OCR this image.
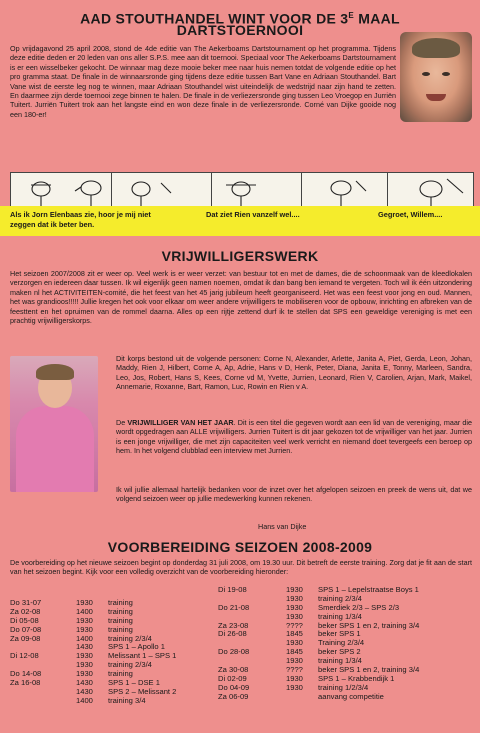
AAD STOUTHANDEL WINT VOOR DE $3^E$ MAAL
DARTSTOERNOOI
Op vrijdagavond 25 april 2008, stond de 4de editie van The Aekerboams Dartstournament op het programma. Tijdens deze editie deden er 20 leden van ons aller S.P.S. mee aan dit toernooi. Speciaal voor The Aekerboams Dartstournament is er een wisselbeker gekocht. De winnaar mag deze mooie beker mee naar huis nemen totdat de volgende editie op het pro gramma staat. De finale in de winnaarsronde ging tijdens deze editie tussen Bart Vane en Adriaan Stouthandel. Bart Vane wist de eerste leg nog te winnen, maar Adriaan Stouthandel wist uiteindelijk de wedstrijd naar zijn hand te zetten. En daarmee zijn derde toernooi zege binnen te halen. De finale in de verliezersronde ging tussen Leo Vroegop en Jurriën Tuitert. Jurriën Tuitert trok aan het langste eind en won deze finale in de verliezersronde. Corné van Dijke gooide nog een 180-er!
Als ik Jorn Elenbaas zie, hoor je mij niet zeggen dat ik beter ben.
Dat ziet Rien vanzelf wel....	Gegroet, Willem....
VRIJWILLIGERSWERK
Het seizoen 2007/2008 zit er weer op. Veel werk is er weer verzet: van bestuur tot en met de dames, die de schoonmaak van de kleedlokalen verzorgen en iedereen daar tussen. Ik wil eigenlijk geen namen noemen, omdat ik dan bang ben iemand te vergeten. Toch wil ik één uitzondering maken nl het ACTIVITEITEN-comité, die het feest van het 45 jarig jubileum heeft georganiseerd. Het was een feest voor jong en oud. Mannen, het was grandioos!!!!! Jullie kregen het ook voor elkaar om weer andere vrijwilligers te mobiliseren voor de opbouw, inrichting en afbreken van de feesttent en het opruimen van de rommel daarna. Alles op een rijtje zettend durf ik te stellen dat SPS een geweldige vereniging is met een prachtig vrijwilligerskorps.
Dit korps bestond uit de volgende personen: Corne N, Alexander, Arlette, Janita A, Piet, Gerda, Leon, Johan, Maddy, Rien J, Hilbert, Corne A, Ap, Adrie, Hans v D, Henk, Peter, Diana, Janita E, Tonny, Marleen, Sandra, Leo, Jos, Robert, Hans S, Kees, Corne vd M, Yvette, Jurrien, Leonard, Rien V, Carolien, Arjan, Mark, Maikel, Annemarie, Roxanne, Bart, Ramon, Luc, Rowin en Rien v A.
De VRIJWILLIGER VAN HET JAAR. Dit is een titel die gegeven wordt aan een lid van de vereniging, maar die wordt opgedragen aan ALLE vrijwilligers. Jurrien Tuitert is dit jaar gekozen tot de vrijwilliger van het jaar. Jurrien is een jonge vrijwilliger, die met zijn capaciteiten veel werk verricht en niemand doet tevergeefs een beroep op hem. In het volgend clubblad een interview met Jurrien.
Ik wil jullie allemaal hartelijk bedanken voor de inzet over het afgelopen seizoen en preek de wens uit, dat we volgend seizoen weer op jullie medewerking kunnen rekenen.
Hans van Dijke
VOORBEREIDING SEIZOEN 2008-2009
De voorbereiding op het nieuwe seizoen begint op donderdag 31 juli 2008, om 19.30 uur. Dit betreft de eerste training. Zorg dat je fit aan de start van het seizoen begint. Kijk voor een volledig overzicht van de voorbereiding hieronder:
Do 31-07	1930 training
Za 02-08	1400 training
Di 05-08	1930 training
Do 07-08	1930 training
Za 09-08	1400 training 2/3/4
1430 SPS 1 – Apollo 1
Di 12-08	1930 Melissant 1 – SPS 1
1930 training 2/3/4
Do 14-08	1930 training
Za 16-08	1430 SPS 1 – DSE 1
1430 SPS 2 – Melissant 2
1400 training 3/4
Di 19-08	1930 SPS 1 – Lepelstraatse Boys 1
1930 training 2/3/4
Do 21-08	1930 Smerdiek 2/3 – SPS 2/3
1930 training 1/3/4
Za 23-08	???? beker SPS 1 en 2, training 3/4
Di 26-08	1845 beker SPS 1
1930 Training 2/3/4
Do 28-08	1845 beker SPS 2
1930 training 1/3/4
Za 30-08	???? beker SPS 1 en 2, training 3/4
Di 02-09	1930 SPS 1 – Krabbendijk 1
Do 04-09	1930 training 1/2/3/4
Za 06-09	aanvang competitie
